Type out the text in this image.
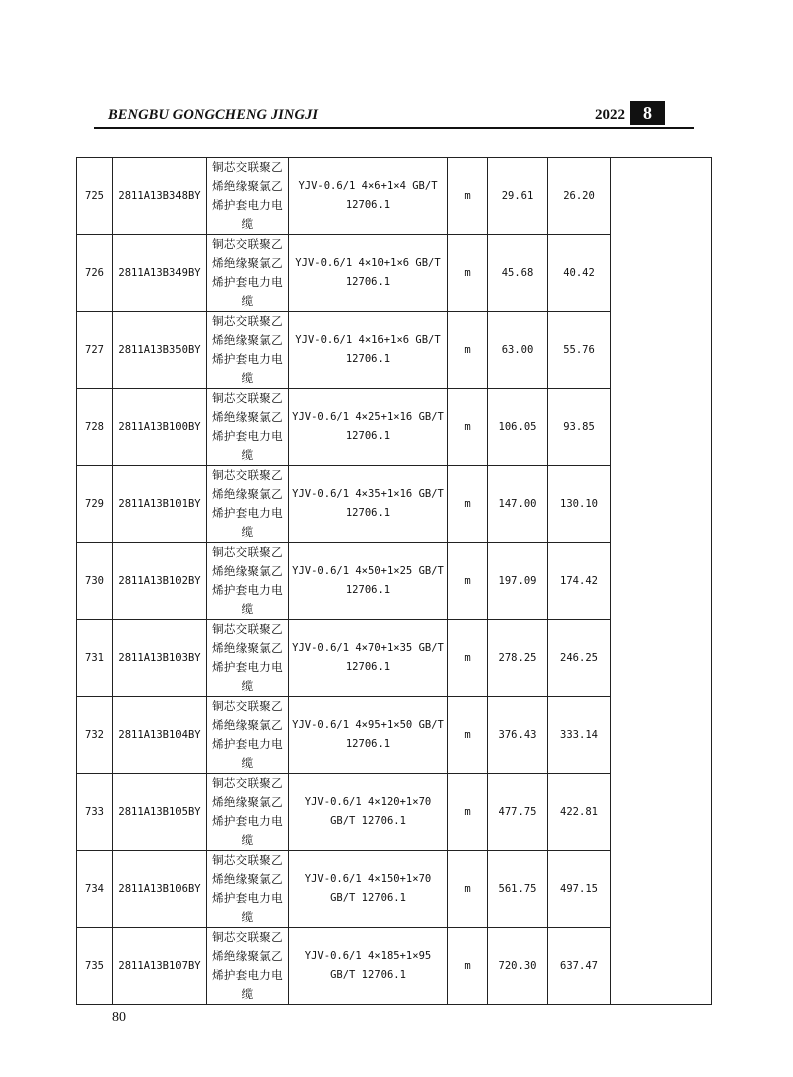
BENGBU GONGCHENG JINGJI	2022	8
725	2811A13B348BY	铜芯交联聚乙烯绝缘聚氯乙烯护套电力电缆	YJV-0.6/1 4×6+1×4 GB/T 12706.1	m	29.61	26.20	
726	2811A13B349BY	铜芯交联聚乙烯绝缘聚氯乙烯护套电力电缆	YJV-0.6/1 4×10+1×6 GB/T 12706.1	m	45.68	40.42	
727	2811A13B350BY	铜芯交联聚乙烯绝缘聚氯乙烯护套电力电缆	YJV-0.6/1 4×16+1×6 GB/T 12706.1	m	63.00	55.76	
728	2811A13B100BY	铜芯交联聚乙烯绝缘聚氯乙烯护套电力电缆	YJV-0.6/1 4×25+1×16 GB/T 12706.1	m	106.05	93.85	
729	2811A13B101BY	铜芯交联聚乙烯绝缘聚氯乙烯护套电力电缆	YJV-0.6/1 4×35+1×16 GB/T 12706.1	m	147.00	130.10	
730	2811A13B102BY	铜芯交联聚乙烯绝缘聚氯乙烯护套电力电缆	YJV-0.6/1 4×50+1×25 GB/T 12706.1	m	197.09	174.42	
731	2811A13B103BY	铜芯交联聚乙烯绝缘聚氯乙烯护套电力电缆	YJV-0.6/1 4×70+1×35 GB/T 12706.1	m	278.25	246.25	
732	2811A13B104BY	铜芯交联聚乙烯绝缘聚氯乙烯护套电力电缆	YJV-0.6/1 4×95+1×50 GB/T 12706.1	m	376.43	333.14	
733	2811A13B105BY	铜芯交联聚乙烯绝缘聚氯乙烯护套电力电缆	YJV-0.6/1 4×120+1×70 GB/T 12706.1	m	477.75	422.81	
734	2811A13B106BY	铜芯交联聚乙烯绝缘聚氯乙烯护套电力电缆	YJV-0.6/1 4×150+1×70 GB/T 12706.1	m	561.75	497.15	
735	2811A13B107BY	铜芯交联聚乙烯绝缘聚氯乙烯护套电力电缆	YJV-0.6/1 4×185+1×95 GB/T 12706.1	m	720.30	637.47	
80
